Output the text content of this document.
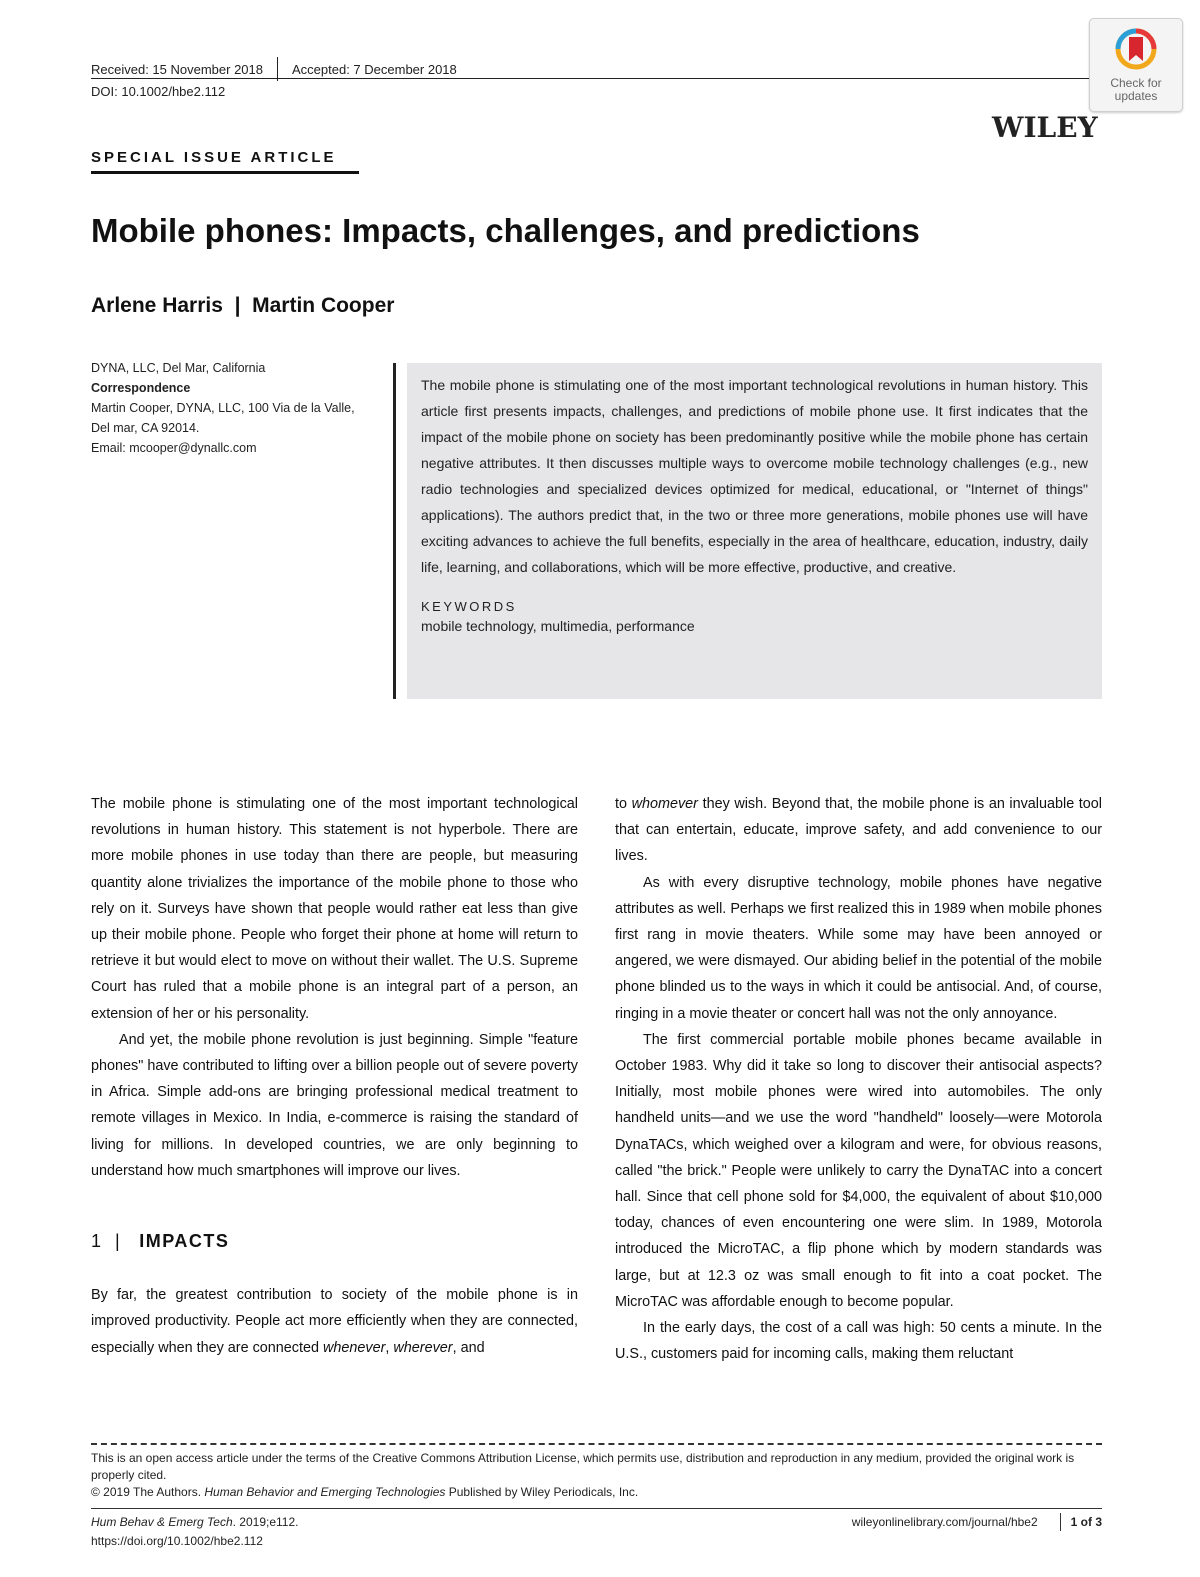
Received: 15 November 2018 Accepted: 7 December 2018
DOI: 10.1002/hbe2.112
Check for updates
WILEY
SPECIAL ISSUE ARTICLE
Mobile phones: Impacts, challenges, and predictions
Arlene Harris  |  Martin Cooper
DYNA, LLC, Del Mar, California
Correspondence
Martin Cooper, DYNA, LLC, 100 Via de la Valle, Del mar, CA 92014.
Email: mcooper@dynallc.com
The mobile phone is stimulating one of the most important technological revolutions in human history. This article first presents impacts, challenges, and predictions of mobile phone use. It first indicates that the impact of the mobile phone on society has been predominantly positive while the mobile phone has certain negative attributes. It then discusses multiple ways to overcome mobile technology challenges (e.g., new radio technologies and specialized devices optimized for medical, educational, or "Internet of things" applications). The authors predict that, in the two or three more generations, mobile phones use will have exciting advances to achieve the full benefits, especially in the area of healthcare, education, industry, daily life, learning, and collaborations, which will be more effective, productive, and creative.
KEYWORDS
mobile technology, multimedia, performance

The mobile phone is stimulating one of the most important technological revolutions in human history. This statement is not hyperbole. There are more mobile phones in use today than there are people, but measuring quantity alone trivializes the importance of the mobile phone to those who rely on it. Surveys have shown that people would rather eat less than give up their mobile phone. People who forget their phone at home will return to retrieve it but would elect to move on without their wallet. The U.S. Supreme Court has ruled that a mobile phone is an integral part of a person, an extension of her or his personality.

And yet, the mobile phone revolution is just beginning. Simple "feature phones" have contributed to lifting over a billion people out of severe poverty in Africa. Simple add-ons are bringing professional medical treatment to remote villages in Mexico. In India, e-commerce is raising the standard of living for millions. In developed countries, we are only beginning to understand how much smartphones will improve our lives.

1 | IMPACTS

By far, the greatest contribution to society of the mobile phone is in improved productivity. People act more efficiently when they are connected, especially when they are connected whenever, wherever, and

to whomever they wish. Beyond that, the mobile phone is an invaluable tool that can entertain, educate, improve safety, and add convenience to our lives.

As with every disruptive technology, mobile phones have negative attributes as well. Perhaps we first realized this in 1989 when mobile phones first rang in movie theaters. While some may have been annoyed or angered, we were dismayed. Our abiding belief in the potential of the mobile phone blinded us to the ways in which it could be antisocial. And, of course, ringing in a movie theater or concert hall was not the only annoyance.

The first commercial portable mobile phones became available in October 1983. Why did it take so long to discover their antisocial aspects? Initially, most mobile phones were wired into automobiles. The only handheld units—and we use the word "handheld" loosely—were Motorola DynaTACs, which weighed over a kilogram and were, for obvious reasons, called "the brick." People were unlikely to carry the DynaTAC into a concert hall. Since that cell phone sold for $4,000, the equivalent of about $10,000 today, chances of even encountering one were slim. In 1989, Motorola introduced the MicroTAC, a flip phone which by modern standards was large, but at 12.3 oz was small enough to fit into a coat pocket. The MicroTAC was affordable enough to become popular.

In the early days, the cost of a call was high: 50 cents a minute. In the U.S., customers paid for incoming calls, making them reluctant

This is an open access article under the terms of the Creative Commons Attribution License, which permits use, distribution and reproduction in any medium, provided the original work is properly cited.
© 2019 The Authors. Human Behavior and Emerging Technologies Published by Wiley Periodicals, Inc.
Hum Behav & Emerg Tech. 2019;e112.
https://doi.org/10.1002/hbe2.112
wileyonlinelibrary.com/journal/hbe2	1 of 3
